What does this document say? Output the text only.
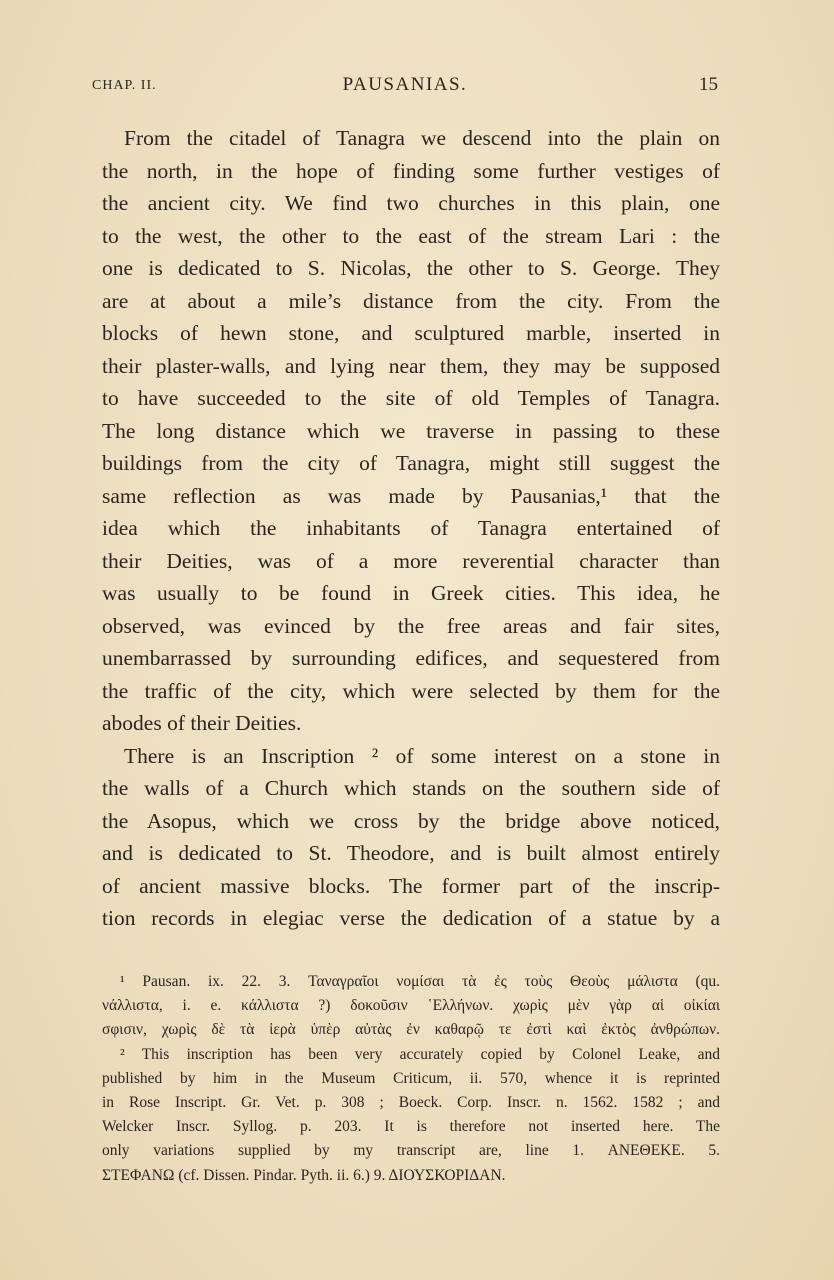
CHAP. II.	PAUSANIAS.	15
From the citadel of Tanagra we descend into the plain on
the north, in the hope of finding some further vestiges of
the ancient city. We find two churches in this plain, one
to the west, the other to the east of the stream Lari : the
one is dedicated to S. Nicolas, the other to S. George. They
are at about a mile’s distance from the city. From the
blocks of hewn stone, and sculptured marble, inserted in
their plaster-walls, and lying near them, they may be supposed
to have succeeded to the site of old Temples of Tanagra.
The long distance which we traverse in passing to these
buildings from the city of Tanagra, might still suggest the
same reflection as was made by Pausanias,¹ that the
idea which the inhabitants of Tanagra entertained of
their Deities, was of a more reverential character than
was usually to be found in Greek cities. This idea, he
observed, was evinced by the free areas and fair sites,
unembarrassed by surrounding edifices, and sequestered from
the traffic of the city, which were selected by them for the
abodes of their Deities.
There is an Inscription ² of some interest on a stone in
the walls of a Church which stands on the southern side of
the Asopus, which we cross by the bridge above noticed,
and is dedicated to St. Theodore, and is built almost entirely
of ancient massive blocks. The former part of the inscrip-
tion records in elegiac verse the dedication of a statue by a
¹ Pausan. ix. 22. 3. Ταναγραῖοι νομίσαι τὰ ἐς τοὺς Θεοὺς μάλιστα (qu.
νάλλιστα, i. e. κάλλιστα ?) δοκοῦσιν ῾Ελλήνων. χωρὶς μὲν γὰρ αἱ οἰκίαι
σφισιν, χωρὶς δὲ τὰ ἱερὰ ὑπὲρ αὐτὰς ἐν καθαρῷ τε ἐστὶ καὶ ἐκτὸς ἀνθρώπων.
² This inscription has been very accurately copied by Colonel Leake, and
published by him in the Museum Criticum, ii. 570, whence it is reprinted
in Rose Inscript. Gr. Vet. p. 308 ; Boeck. Corp. Inscr. n. 1562. 1582 ; and
Welcker Inscr. Syllog. p. 203. It is therefore not inserted here. The
only variations supplied by my transcript are, line 1. ΑΝΕΘΕΚΕ. 5.
ΣΤΕΦΑΝΩ (cf. Dissen. Pindar. Pyth. ii. 6.) 9. ΔΙΟΥΣΚΟΡΙΔΑΝ.
